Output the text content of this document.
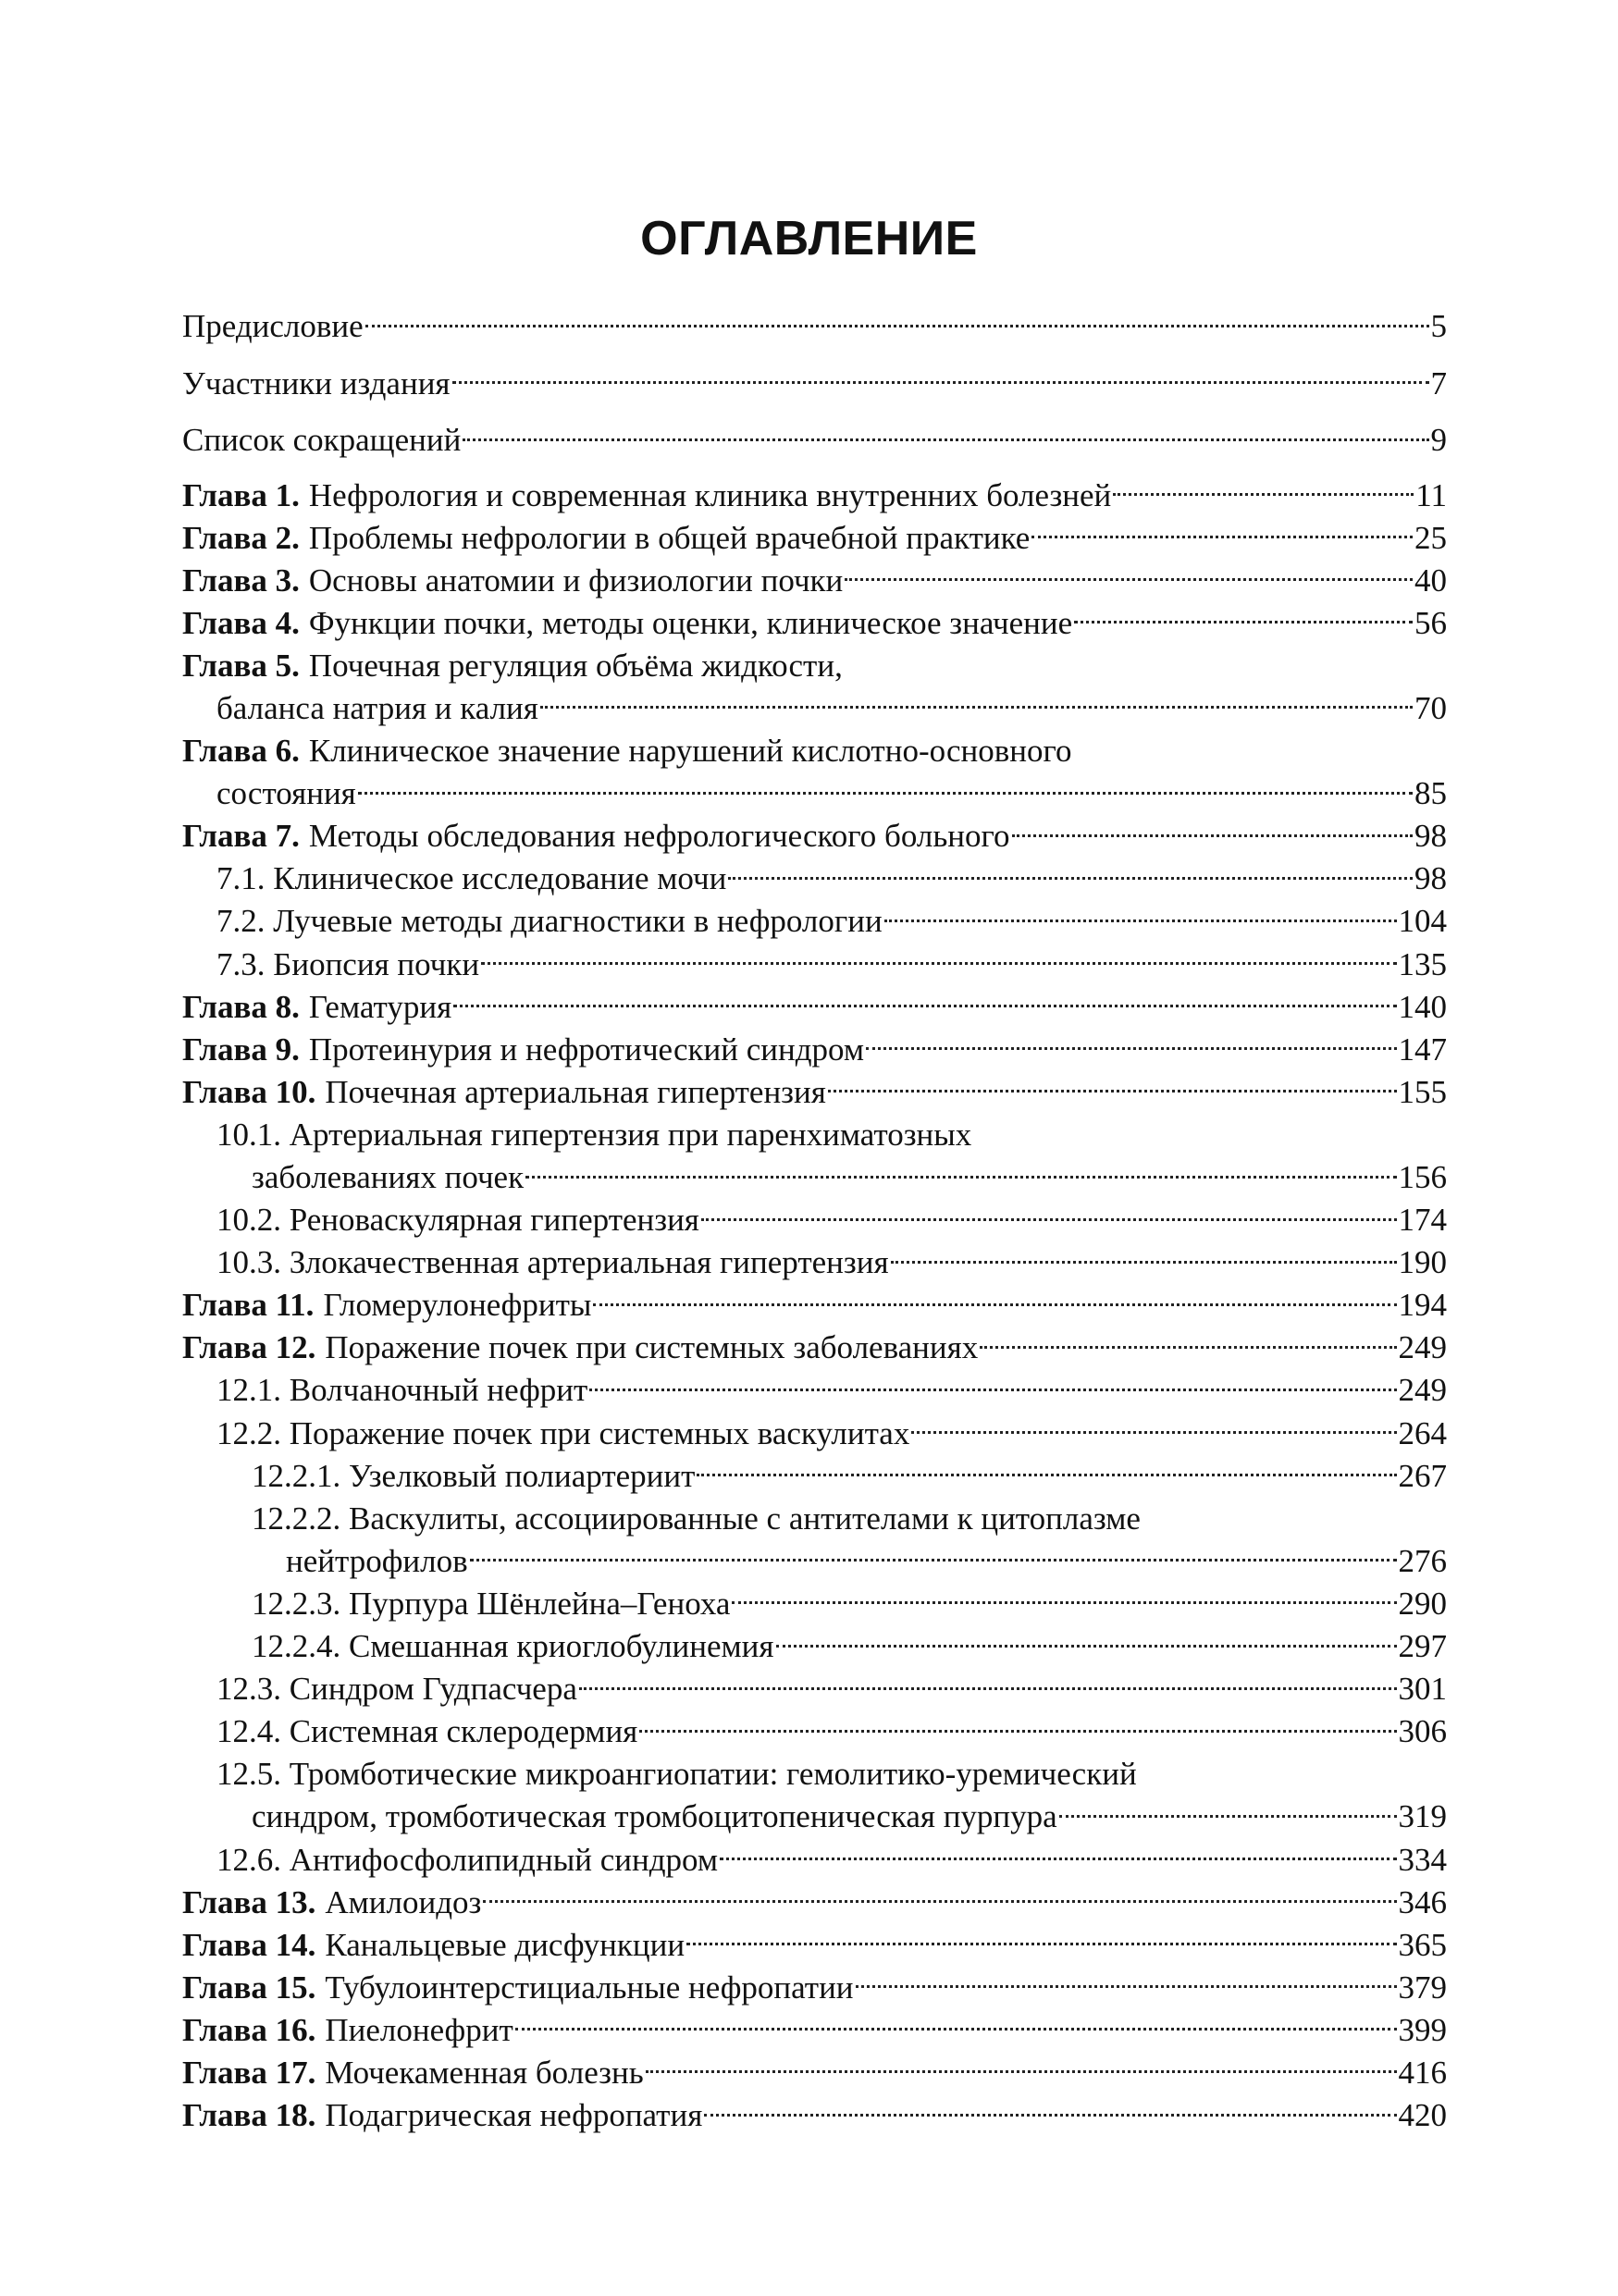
ОГЛАВЛЕНИЕ
Предисловие	5
Участники издания	7
Список сокращений	9
Глава 1. Нефрология и современная клиника внутренних болезней	11
Глава 2. Проблемы нефрологии в общей врачебной практике	25
Глава 3. Основы анатомии и физиологии почки	40
Глава 4. Функции почки, методы оценки, клиническое значение	56
Глава 5. Почечная регуляция объёма жидкости,
баланса натрия и калия	70
Глава 6. Клиническое значение нарушений кислотно-основного
состояния	85
Глава 7. Методы обследования нефрологического больного	98
7.1. Клиническое исследование мочи	98
7.2. Лучевые методы диагностики в нефрологии	104
7.3. Биопсия почки	135
Глава 8. Гематурия	140
Глава 9. Протеинурия и нефротический синдром	147
Глава 10. Почечная артериальная гипертензия	155
10.1. Артериальная гипертензия при паренхиматозных
заболеваниях почек	156
10.2. Реноваскулярная гипертензия	174
10.3. Злокачественная артериальная гипертензия	190
Глава 11. Гломерулонефриты	194
Глава 12. Поражение почек при системных заболеваниях	249
12.1. Волчаночный нефрит	249
12.2. Поражение почек при системных васкулитах	264
12.2.1. Узелковый полиартериит	267
12.2.2. Васкулиты, ассоциированные с антителами к цитоплазме
нейтрофилов	276
12.2.3. Пурпура Шёнлейна–Геноха	290
12.2.4. Смешанная криоглобулинемия	297
12.3. Синдром Гудпасчера	301
12.4. Системная склеродермия	306
12.5. Тромботические микроангиопатии: гемолитико-уремический
синдром, тромботическая тромбоцитопеническая пурпура	319
12.6. Антифосфолипидный синдром	334
Глава 13. Амилоидоз	346
Глава 14. Канальцевые дисфункции	365
Глава 15. Тубулоинтерстициальные нефропатии	379
Глава 16. Пиелонефрит	399
Глава 17. Мочекаменная болезнь	416
Глава 18. Подагрическая нефропатия	420
